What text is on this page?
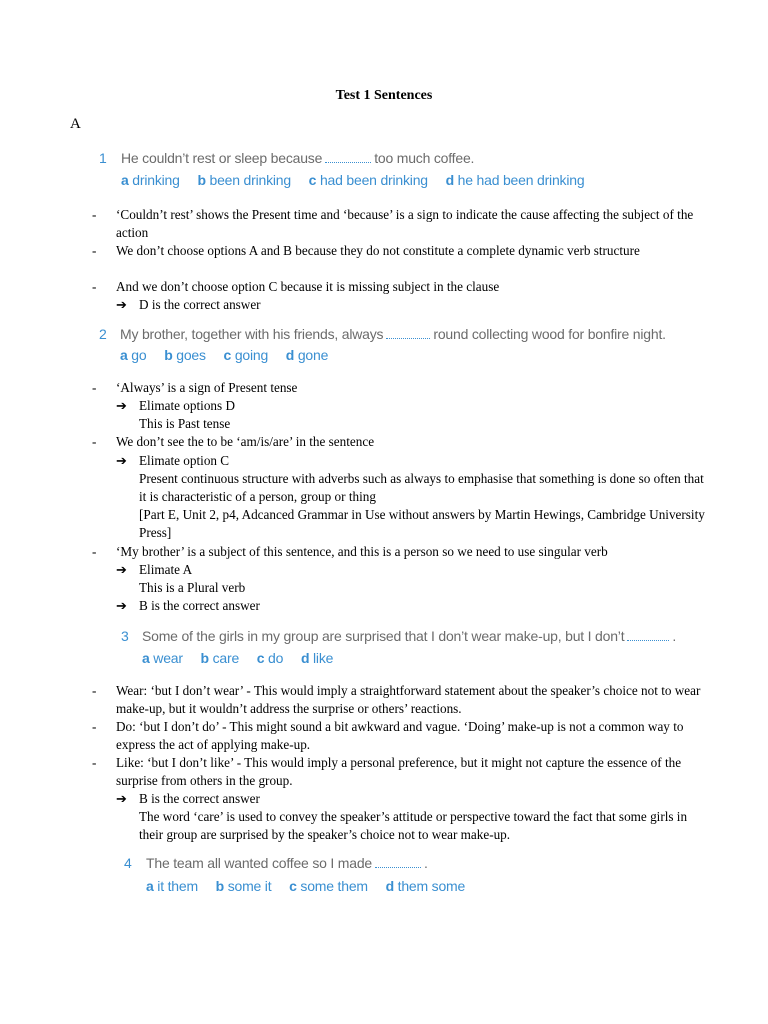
Test 1 Sentences
A
1 He couldn’t rest or sleep because	too much coffee.
a drinking b been drinking c had been drinking d he had been drinking
- ‘Couldn’t rest’ shows the Present time and ‘because’ is a sign to indicate the cause affecting the subject of the action
- We don’t choose options A and B because they do not constitute a complete dynamic verb structure
- And we don’t choose option C because it is missing subject in the clause
➔ D is the correct answer
2 My brother, together with his friends, always	round collecting wood for bonfire night.
a go b goes c going d gone
- ‘Always’ is a sign of Present tense
➔ Elimate options D
This is Past tense
- We don’t see the to be ‘am/is/are’ in the sentence
➔ Elimate option C
Present continuous structure with adverbs such as always to emphasise that something is done so often that it is characteristic of a person, group or thing
[Part E, Unit 2, p4, Adcanced Grammar in Use without answers by Martin Hewings, Cambridge University Press]
- ‘My brother’ is a subject of this sentence, and this is a person so we need to use singular verb
➔ Elimate A
This is a Plural verb
➔ B is the correct answer
3 Some of the girls in my group are surprised that I don’t wear make-up, but I don’t	.
a wear b care c do d like
- Wear: ‘but I don’t wear’ - This would imply a straightforward statement about the speaker’s choice not to wear make-up, but it wouldn’t address the surprise or others’ reactions.
- Do: ‘but I don’t do’ - This might sound a bit awkward and vague. ‘Doing’ make-up is not a common way to express the act of applying make-up.
- Like: ‘but I don’t like’ - This would imply a personal preference, but it might not capture the essence of the surprise from others in the group.
➔ B is the correct answer
The word ‘care’ is used to convey the speaker’s attitude or perspective toward the fact that some girls in their group are surprised by the speaker’s choice not to wear make-up.
4 The team all wanted coffee so I made	.
a it them b some it c some them d them some
